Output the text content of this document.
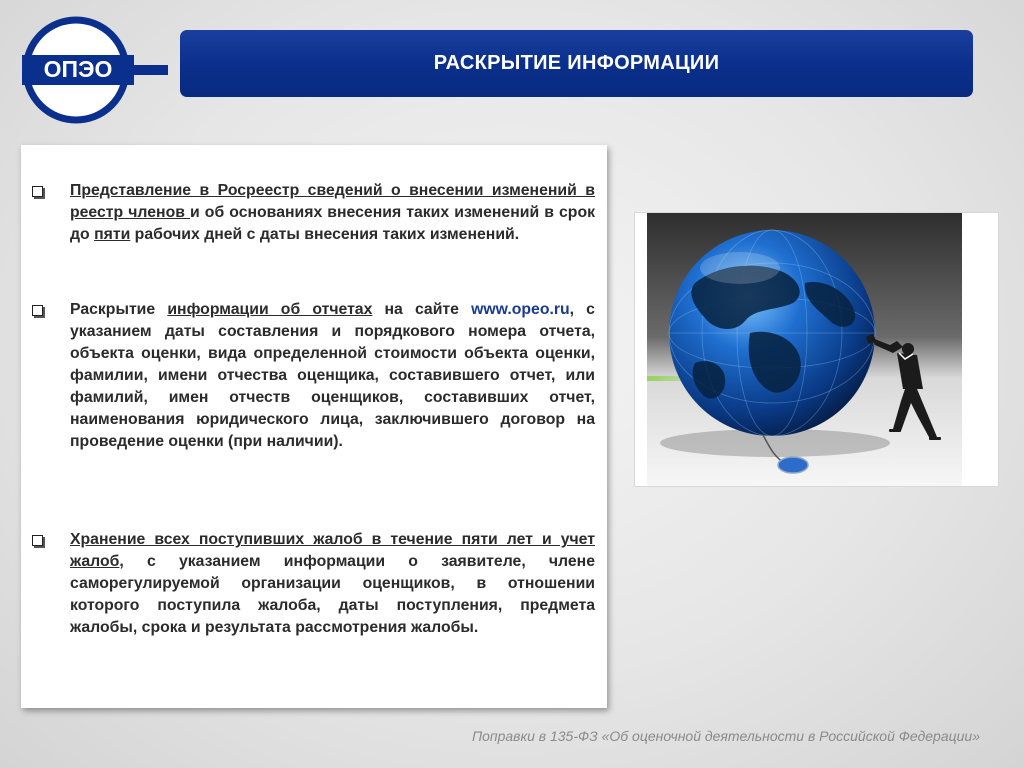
ОПЭО	РАСКРЫТИЕ ИНФОРМАЦИИ
Представление в Росреестр сведений о внесении изменений в реестр членов и об основаниях внесения таких изменений в срок до пяти рабочих дней с даты внесения таких изменений.
Раскрытие информации об отчетах на сайте www.opeo.ru, с указанием даты составления и порядкового номера отчета, объекта оценки, вида определенной стоимости объекта оценки, фамилии, имени отчества оценщика, составившего отчет, или фамилий, имен отчеств оценщиков, составивших отчет, наименования юридического лица, заключившего договор на проведение оценки (при наличии).
Хранение всех поступивших жалоб в течение пяти лет и учет жалоб, с указанием информации о заявителе, члене саморегулируемой организации оценщиков, в отношении которого поступила жалоба, даты поступления, предмета жалобы, срока и результата рассмотрения жалобы.
Поправки в 135-ФЗ «Об оценочной деятельности в Российской Федерации»
